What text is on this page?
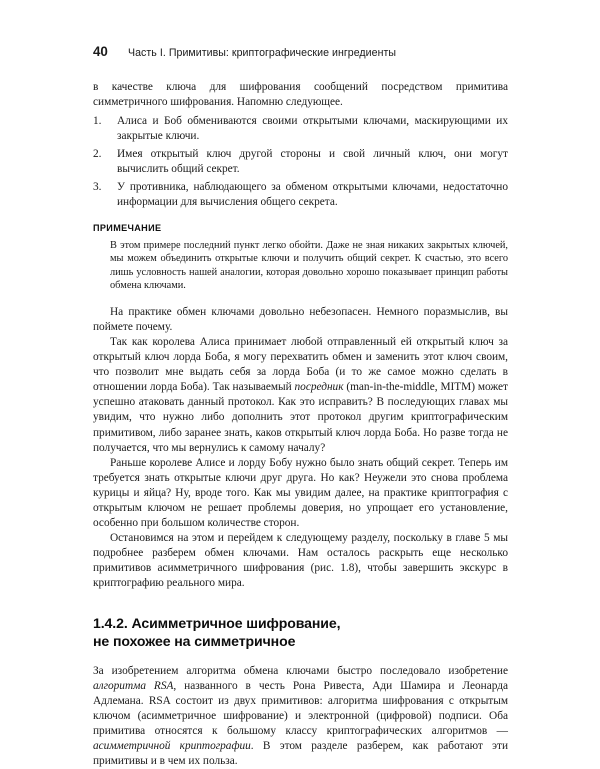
40	Часть I. Примитивы: криптографические ингредиенты

в качестве ключа для шифрования сообщений посредством примитива симметричного шифрования. Напомню следующее.

1.	Алиса и Боб обмениваются своими открытыми ключами, маскирующими их закрытые ключи.
2.	Имея открытый ключ другой стороны и свой личный ключ, они могут вычислить общий секрет.
3.	У противника, наблюдающего за обменом открытыми ключами, недостаточно информации для вычисления общего секрета.
ПРИМЕЧАНИЕ

В этом примере последний пункт легко обойти. Даже не зная никаких закрытых ключей, мы можем объединить открытые ключи и получить общий секрет. К счастью, это всего лишь условность нашей аналогии, которая довольно хорошо показывает принцип работы обмена ключами.

На практике обмен ключами довольно небезопасен. Немного поразмыслив, вы поймете почему.

Так как королева Алиса принимает любой отправленный ей открытый ключ за открытый ключ лорда Боба, я могу перехватить обмен и заменить этот ключ своим, что позволит мне выдать себя за лорда Боба (и то же самое можно сделать в отношении лорда Боба). Так называемый посредник (man-in-the-middle, MITM) может успешно атаковать данный протокол. Как это исправить? В последующих главах мы увидим, что нужно либо дополнить этот протокол другим криптографическим примитивом, либо заранее знать, каков открытый ключ лорда Боба. Но разве тогда не получается, что мы вернулись к самому началу?

Раньше королеве Алисе и лорду Бобу нужно было знать общий секрет. Теперь им требуется знать открытые ключи друг друга. Но как? Неужели это снова проблема курицы и яйца? Ну, вроде того. Как мы увидим далее, на практике криптография с открытым ключом не решает проблемы доверия, но упрощает его установление, особенно при большом количестве сторон.

Остановимся на этом и перейдем к следующему разделу, поскольку в главе 5 мы подробнее разберем обмен ключами. Нам осталось раскрыть еще несколько примитивов асимметричного шифрования (рис. 1.8), чтобы завершить экскурс в криптографию реального мира.

1.4.2. Асимметричное шифрование,
не похожее на симметричное

За изобретением алгоритма обмена ключами быстро последовало изобретение алгоритма RSA, названного в честь Рона Ривеста, Ади Шамира и Леонарда Адлемана. RSA состоит из двух примитивов: алгоритма шифрования с открытым ключом (асимметричное шифрование) и электронной (цифровой) подписи. Оба примитива относятся к большому классу криптографических алгоритмов — асимметричной криптографии. В этом разделе разберем, как работают эти примитивы и в чем их польза.
